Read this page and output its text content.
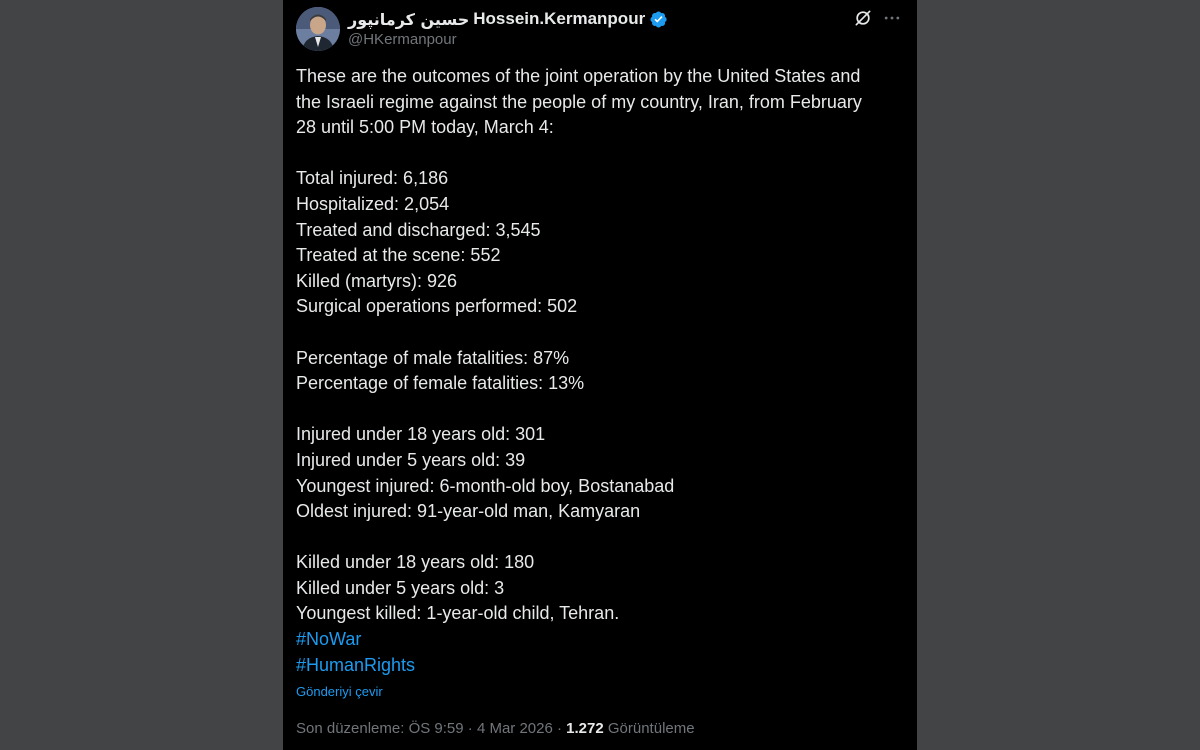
حسین کرمانپور Hossein.Kermanpour
@HKermanpour
These are the outcomes of the joint operation by the United States and
the Israeli regime against the people of my country, Iran, from February
28 until 5:00 PM today, March 4:
Total injured: 6,186
Hospitalized: 2,054
Treated and discharged: 3,545
Treated at the scene: 552
Killed (martyrs): 926
Surgical operations performed: 502
Percentage of male fatalities: 87%
Percentage of female fatalities: 13%
Injured under 18 years old: 301
Injured under 5 years old: 39
Youngest injured: 6-month-old boy, Bostanabad
Oldest injured: 91-year-old man, Kamyaran
Killed under 18 years old: 180
Killed under 5 years old: 3
Youngest killed: 1-year-old child, Tehran.
#NoWar
#HumanRights
Gönderiyi çevir
Son düzenleme: ÖS 9:59 · 4 Mar 2026 · 1.272 Görüntüleme
